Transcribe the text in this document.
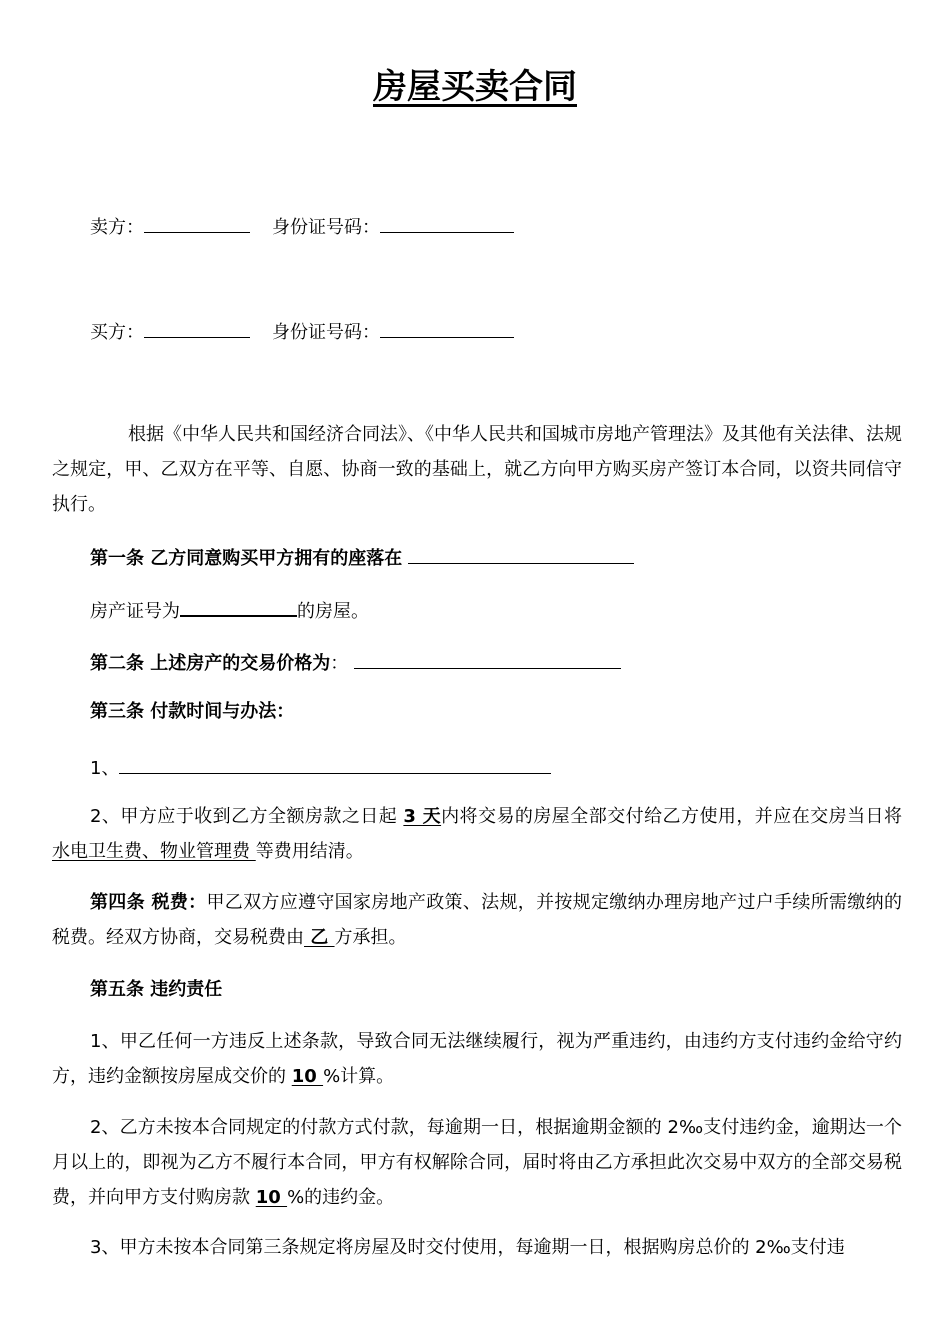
房屋买卖合同
卖方：	身份证号码：
买方：	身份证号码：
根据《中华人民共和国经济合同法》、《中华人民共和国城市房地产管理法》及其他有关法律、法规之规定，甲、乙双方在平等、自愿、协商一致的基础上，就乙方向甲方购买房产签订本合同，以资共同信守执行。
第一条 乙方同意购买甲方拥有的座落在
房产证号为	的房屋。
第二条 上述房产的交易价格为：
第三条 付款时间与办法：
1、
2、甲方应于收到乙方全额房款之日起 3 天内将交易的房屋全部交付给乙方使用，并应在交房当日将 水电卫生费、物业管理费 等费用结清。
第四条 税费：甲乙双方应遵守国家房地产政策、法规，并按规定缴纳办理房地产过户手续所需缴纳的税费。经双方协商，交易税费由 乙 方承担。
第五条 违约责任
1、甲乙任何一方违反上述条款，导致合同无法继续履行，视为严重违约，由违约方支付违约金给守约方，违约金额按房屋成交价的 10 %计算。
2、乙方未按本合同规定的付款方式付款，每逾期一日，根据逾期金额的 2‰支付违约金，逾期达一个月以上的，即视为乙方不履行本合同，甲方有权解除合同，届时将由乙方承担此次交易中双方的全部交易税费，并向甲方支付购房款 10 %的违约金。
3、甲方未按本合同第三条规定将房屋及时交付使用，每逾期一日，根据购房总价的 2‰支付违
